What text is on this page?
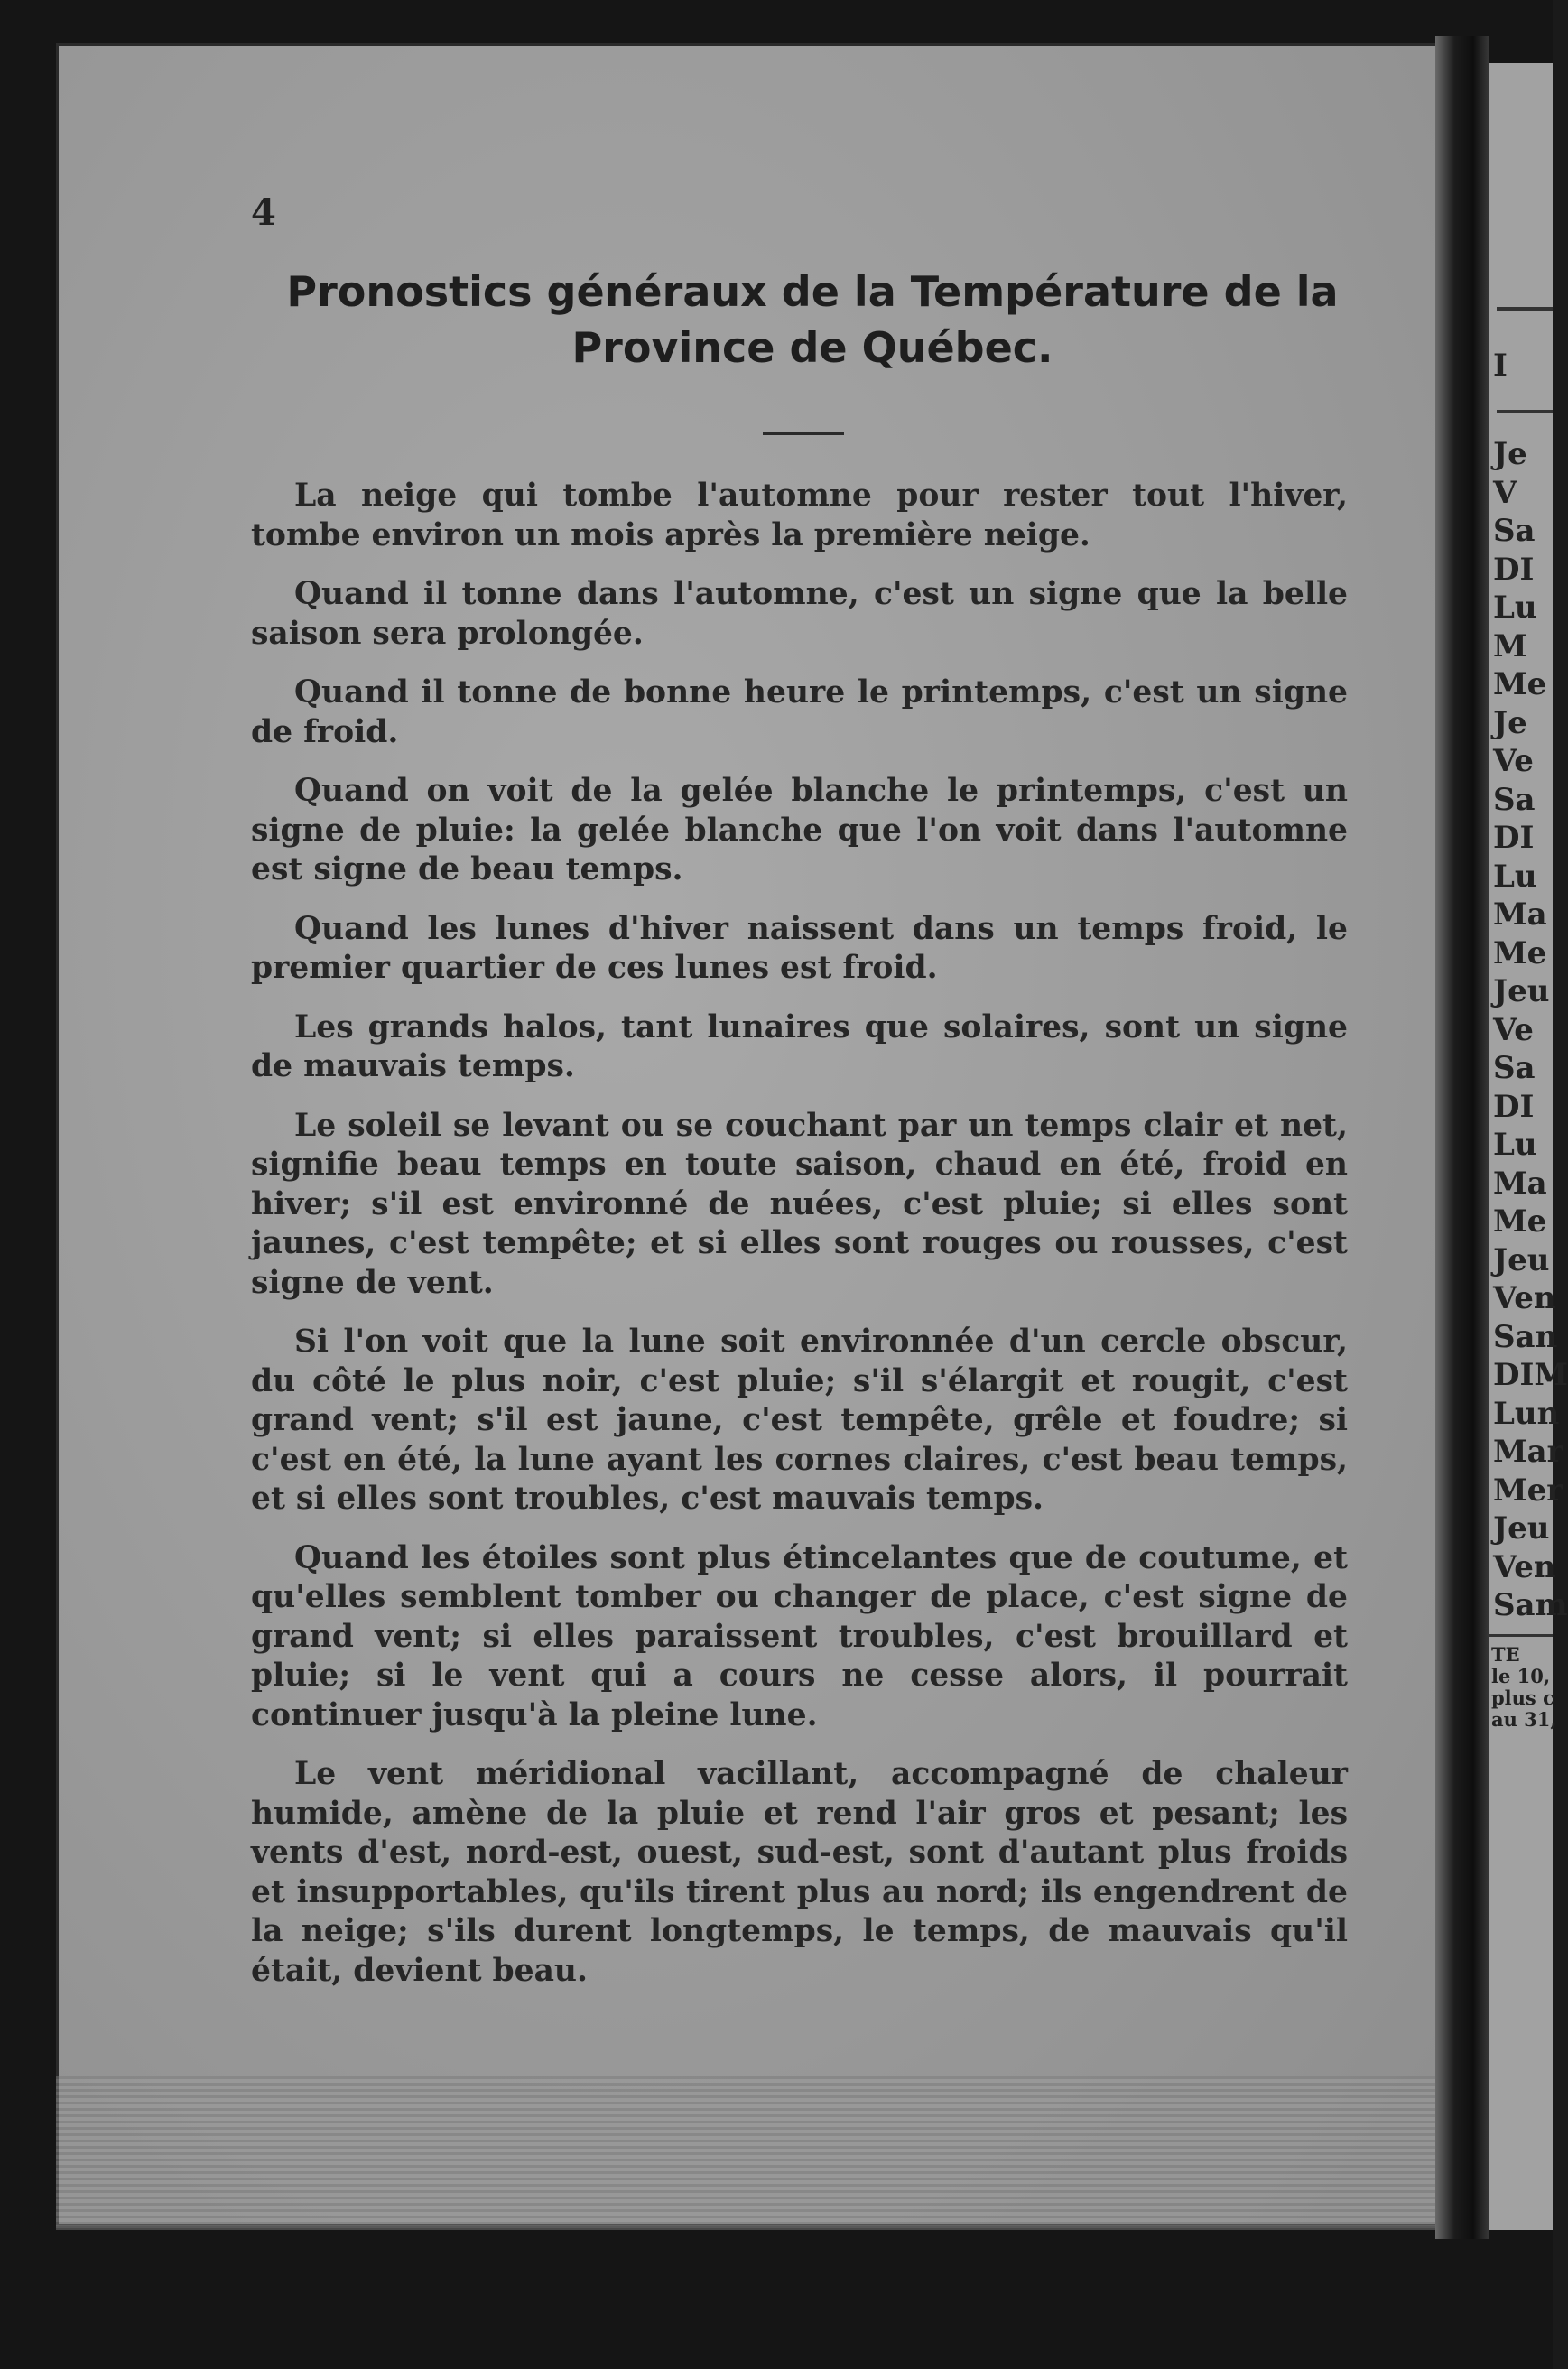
4
Pronostics généraux de la Température de la
Province de Québec.

La neige qui tombe l'automne pour rester tout l'hiver, tombe environ un mois après la première neige.

Quand il tonne dans l'automne, c'est un signe que la belle saison sera prolongée.

Quand il tonne de bonne heure le printemps, c'est un signe de froid.

Quand on voit de la gelée blanche le printemps, c'est un signe de pluie: la gelée blanche que l'on voit dans l'automne est signe de beau temps.

Quand les lunes d'hiver naissent dans un temps froid, le premier quartier de ces lunes est froid.

Les grands halos, tant lunaires que solaires, sont un signe de mauvais temps.

Le soleil se levant ou se couchant par un temps clair et net, signifie beau temps en toute saison, chaud en été, froid en hiver; s'il est environné de nuées, c'est pluie; si elles sont jaunes, c'est tempête; et si elles sont rouges ou rousses, c'est signe de vent.

Si l'on voit que la lune soit environnée d'un cercle obscur, du côté le plus noir, c'est pluie; s'il s'élargit et rougit, c'est grand vent; s'il est jaune, c'est tempête, grêle et foudre; si c'est en été, la lune ayant les cornes claires, c'est beau temps, et si elles sont troubles, c'est mauvais temps.

Quand les étoiles sont plus étincelantes que de coutume, et qu'elles semblent tomber ou changer de place, c'est signe de grand vent; si elles paraissent troubles, c'est brouillard et pluie; si le vent qui a cours ne cesse alors, il pourrait continuer jusqu'à la pleine lune.

Le vent méridional vacillant, accompagné de chaleur humide, amène de la pluie et rend l'air gros et pesant; les vents d'est, nord-est, ouest, sud-est, sont d'autant plus froids et insupportables, qu'ils tirent plus au nord; ils engendrent de la neige; s'ils durent longtemps, le temps, de mauvais qu'il était, devient beau.

I
Je
V
Sa
DI
Lu
M
Me
Je
Ve
Sa
DI
Lu
Ma
Me
Jeu
Ve
Sa
DI
Lu
Ma
Me
Jeu
Ven
San
DIM
Lun
Mar
Mer
Jeu
Ven
Sam
TE
le 10,
plus c
au 31,
